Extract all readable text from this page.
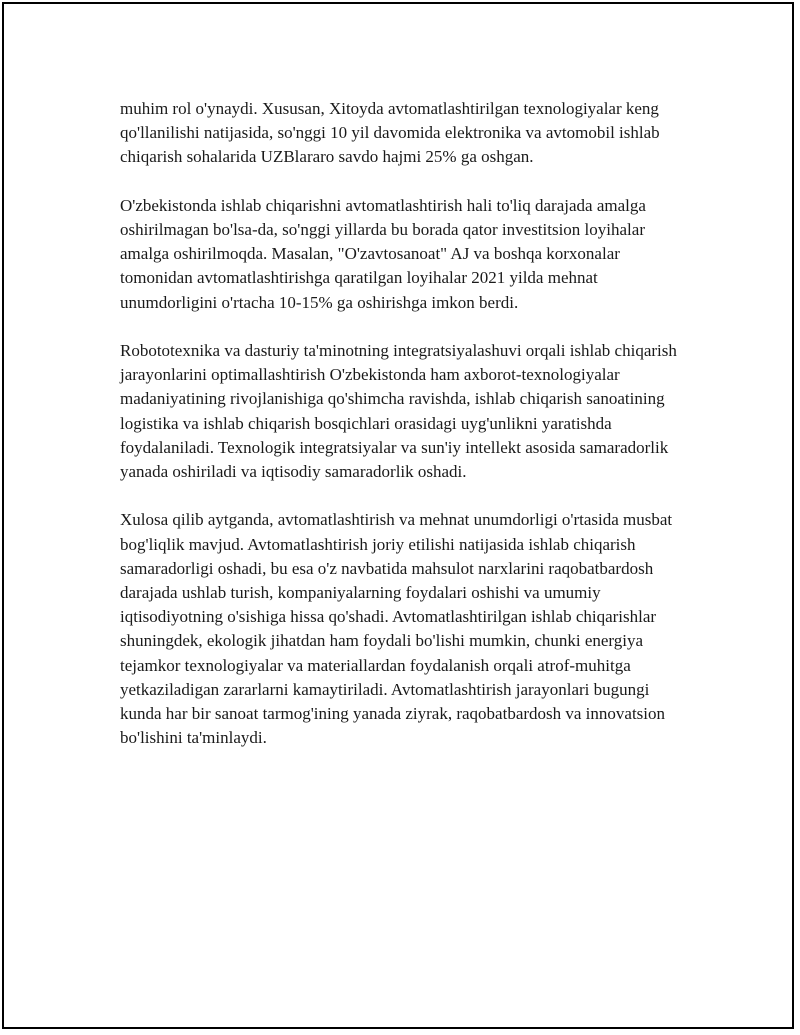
muhim rol o'ynaydi. Xususan, Xitoyda avtomatlashtirilgan texnologiyalar keng qo'llanilishi natijasida, so'nggi 10 yil davomida elektronika va avtomobil ishlab chiqarish sohalarida UZBlararo savdo hajmi 25% ga oshgan.

O'zbekistonda ishlab chiqarishni avtomatlashtirish hali to'liq darajada amalga oshirilmagan bo'lsa-da, so'nggi yillarda bu borada qator investitsion loyihalar amalga oshirilmoqda. Masalan, "O'zavtosanoat" AJ va boshqa korxonalar tomonidan avtomatlashtirishga qaratilgan loyihalar 2021 yilda mehnat unumdorligini o'rtacha 10-15% ga oshirishga imkon berdi.

Robototexnika va dasturiy ta'minotning integratsiyalashuvi orqali ishlab chiqarish jarayonlarini optimallashtirish O'zbekistonda ham axborot-texnologiyalar madaniyatining rivojlanishiga qo'shimcha ravishda, ishlab chiqarish sanoatining logistika va ishlab chiqarish bosqichlari orasidagi uyg'unlikni yaratishda foydalaniladi. Texnologik integratsiyalar va sun'iy intellekt asosida samaradorlik yanada oshiriladi va iqtisodiy samaradorlik oshadi.

Xulosa qilib aytganda, avtomatlashtirish va mehnat unumdorligi o'rtasida musbat bog'liqlik mavjud. Avtomatlashtirish joriy etilishi natijasida ishlab chiqarish samaradorligi oshadi, bu esa o'z navbatida mahsulot narxlarini raqobatbardosh darajada ushlab turish, kompaniyalarning foydalari oshishi va umumiy iqtisodiyotning o'sishiga hissa qo'shadi. Avtomatlashtirilgan ishlab chiqarishlar shuningdek, ekologik jihatdan ham foydali bo'lishi mumkin, chunki energiya tejamkor texnologiyalar va materiallardan foydalanish orqali atrof-muhitga yetkaziladigan zararlarni kamaytiriladi. Avtomatlashtirish jarayonlari bugungi kunda har bir sanoat tarmog'ining yanada ziyrak, raqobatbardosh va innovatsion bo'lishini ta'minlaydi.
